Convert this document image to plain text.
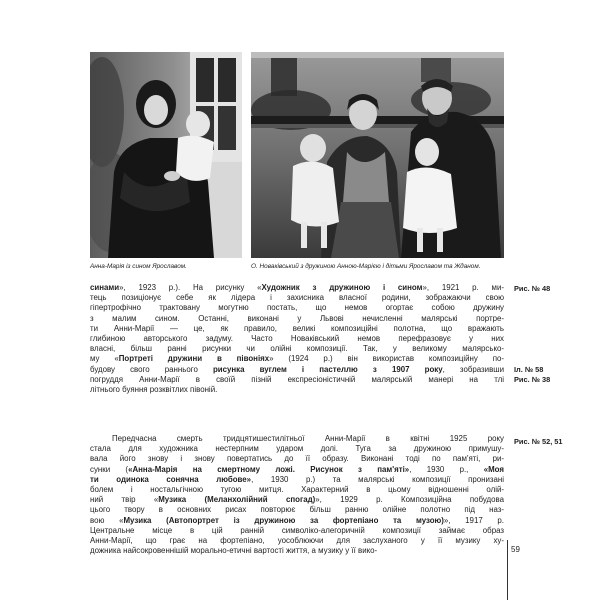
Анна-Марія із сином Ярославом.	О. Новаківський з дружиною Анною-Марією і дітьми Ярославом та Жданом.
синами», 1923 р.). На рисунку «Художник з дружиною і сином», 1921 р. ми-
тець позиціонує себе як лідера і захисника власної родини, зображаючи свою
гіпертрофічно трактовану могутню постать, що немов огортає собою дружину
з малим сином. Останні, виконані у Львові нечисленні малярські портре-
ти Анни-Марії — це, як правило, великі композиційні полотна, що вражають
глибиною авторського задуму. Часто Новаківський немов перефразовує у них
власні, більш ранні рисунки чи олійні композиції. Так, у великому малярсько-
му «Портреті дружини в півоніях» (1924 р.) він використав композиційну по-
будову свого раннього рисунка вуглем і пастеллю з 1907 року, зобразивши
погруддя Анни-Марії в своїй пізній експресіоністичній малярській манері на тлі
літнього буяння розквітлих півоній.
Передчасна смерть тридцятишестилітньої Анни-Марії в квітні 1925 року
стала для художника нестерпним ударом долі. Туга за дружиною примушу-
вала його знову і знову повертатись до її образу. Виконані тоді по пам'яті, ри-
сунки («Анна-Марія на смертному ложі. Рисунок з пам'яті», 1930 р., «Моя
ти одинока сонячна любове», 1930 р.) та малярські композиції пронизані
болем і ностальгічною тугою митця. Характерний в цьому відношенні олій-
ний твір «Музика (Меланхолійний спогад)», 1929 р. Композиційна побудова
цього твору в основних рисах повторює більш ранню олійне полотно під наз-
вою «Музика (Автопортрет із дружиною за фортепіано та музою)», 1917 р.
Центральне місце в цій ранній символіко-алегоричній композиції займає образ
Анни-Марії, що грає на фортепіано, уособлюючи для заслуханого у її музику ху-
дожника найсокровеннішій морально-етичні вартості життя, а музику у її вико-
Рис. № 48
Іл. № 58
Рис. № 38
Рис. № 52, 51
59
